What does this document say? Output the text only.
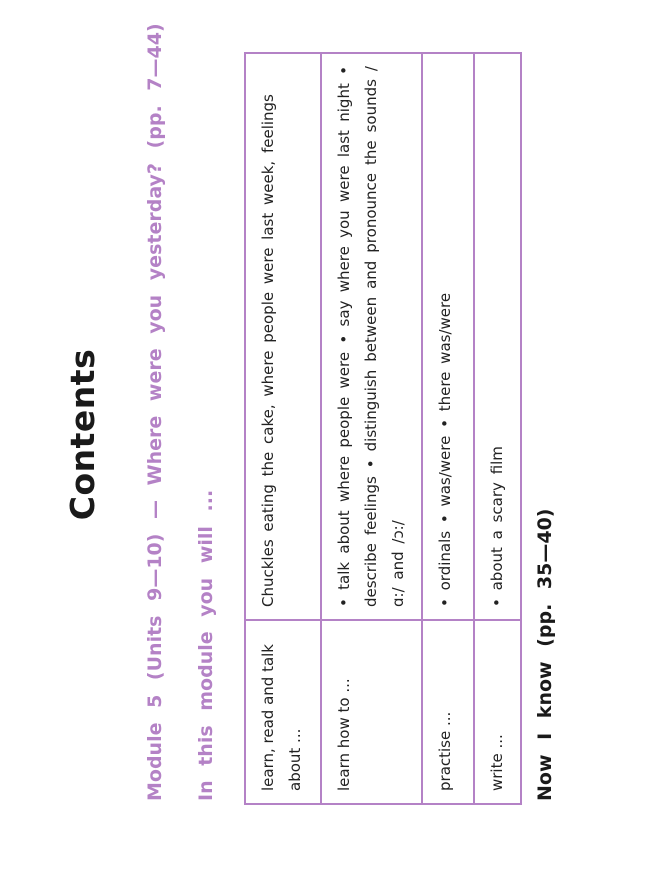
Contents Module 5 (Units 9—10) — Where were you yesterday? (pp. 7—44) In this module you will ...	learn, read and talk about ...	Chuckles eating the cake, where people were last week, feelings
learn how to ...	• talk about where people were • say where you were last night • describe feelings • distinguish between and pronounce the sounds /ɑ:/ and /ɔ:/
practise ...	• ordinals • was/were • there was/were
write ...	• about a scary film Now I know (pp. 35—40)
